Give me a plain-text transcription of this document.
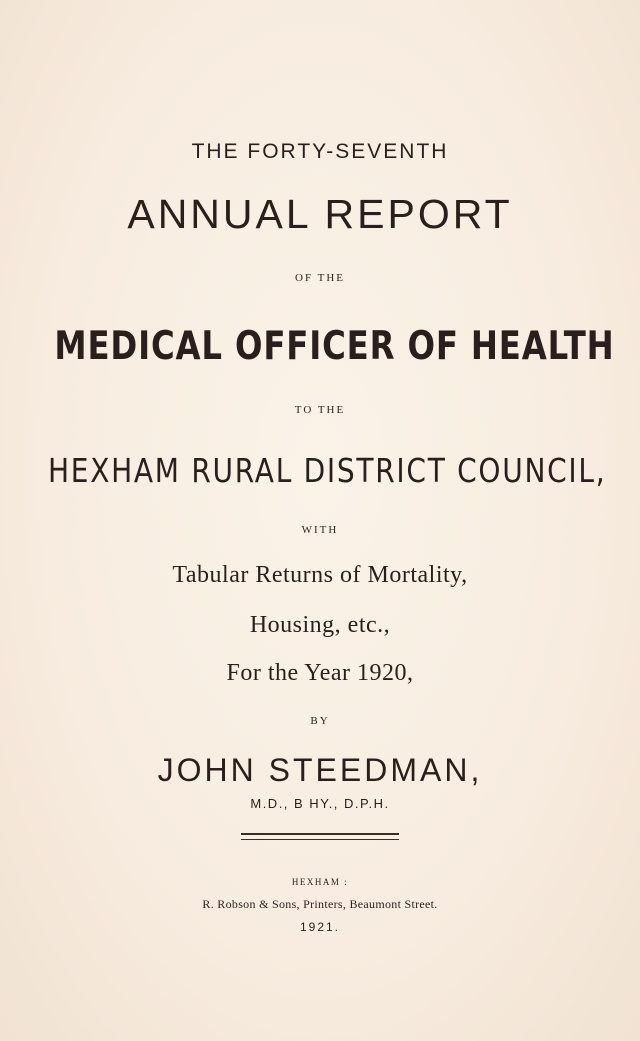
THE FORTY-SEVENTH
ANNUAL REPORT
OF THE
MEDICAL OFFICER OF HEALTH
TO THE
HEXHAM RURAL DISTRICT COUNCIL,
WITH
Tabular Returns of Mortality,
Housing, etc.,
For the Year 1920,
BY
JOHN STEEDMAN,
M.D., B HY., D.P.H.
HEXHAM :
R. Robson & Sons, Printers, Beaumont Street.
1921.
